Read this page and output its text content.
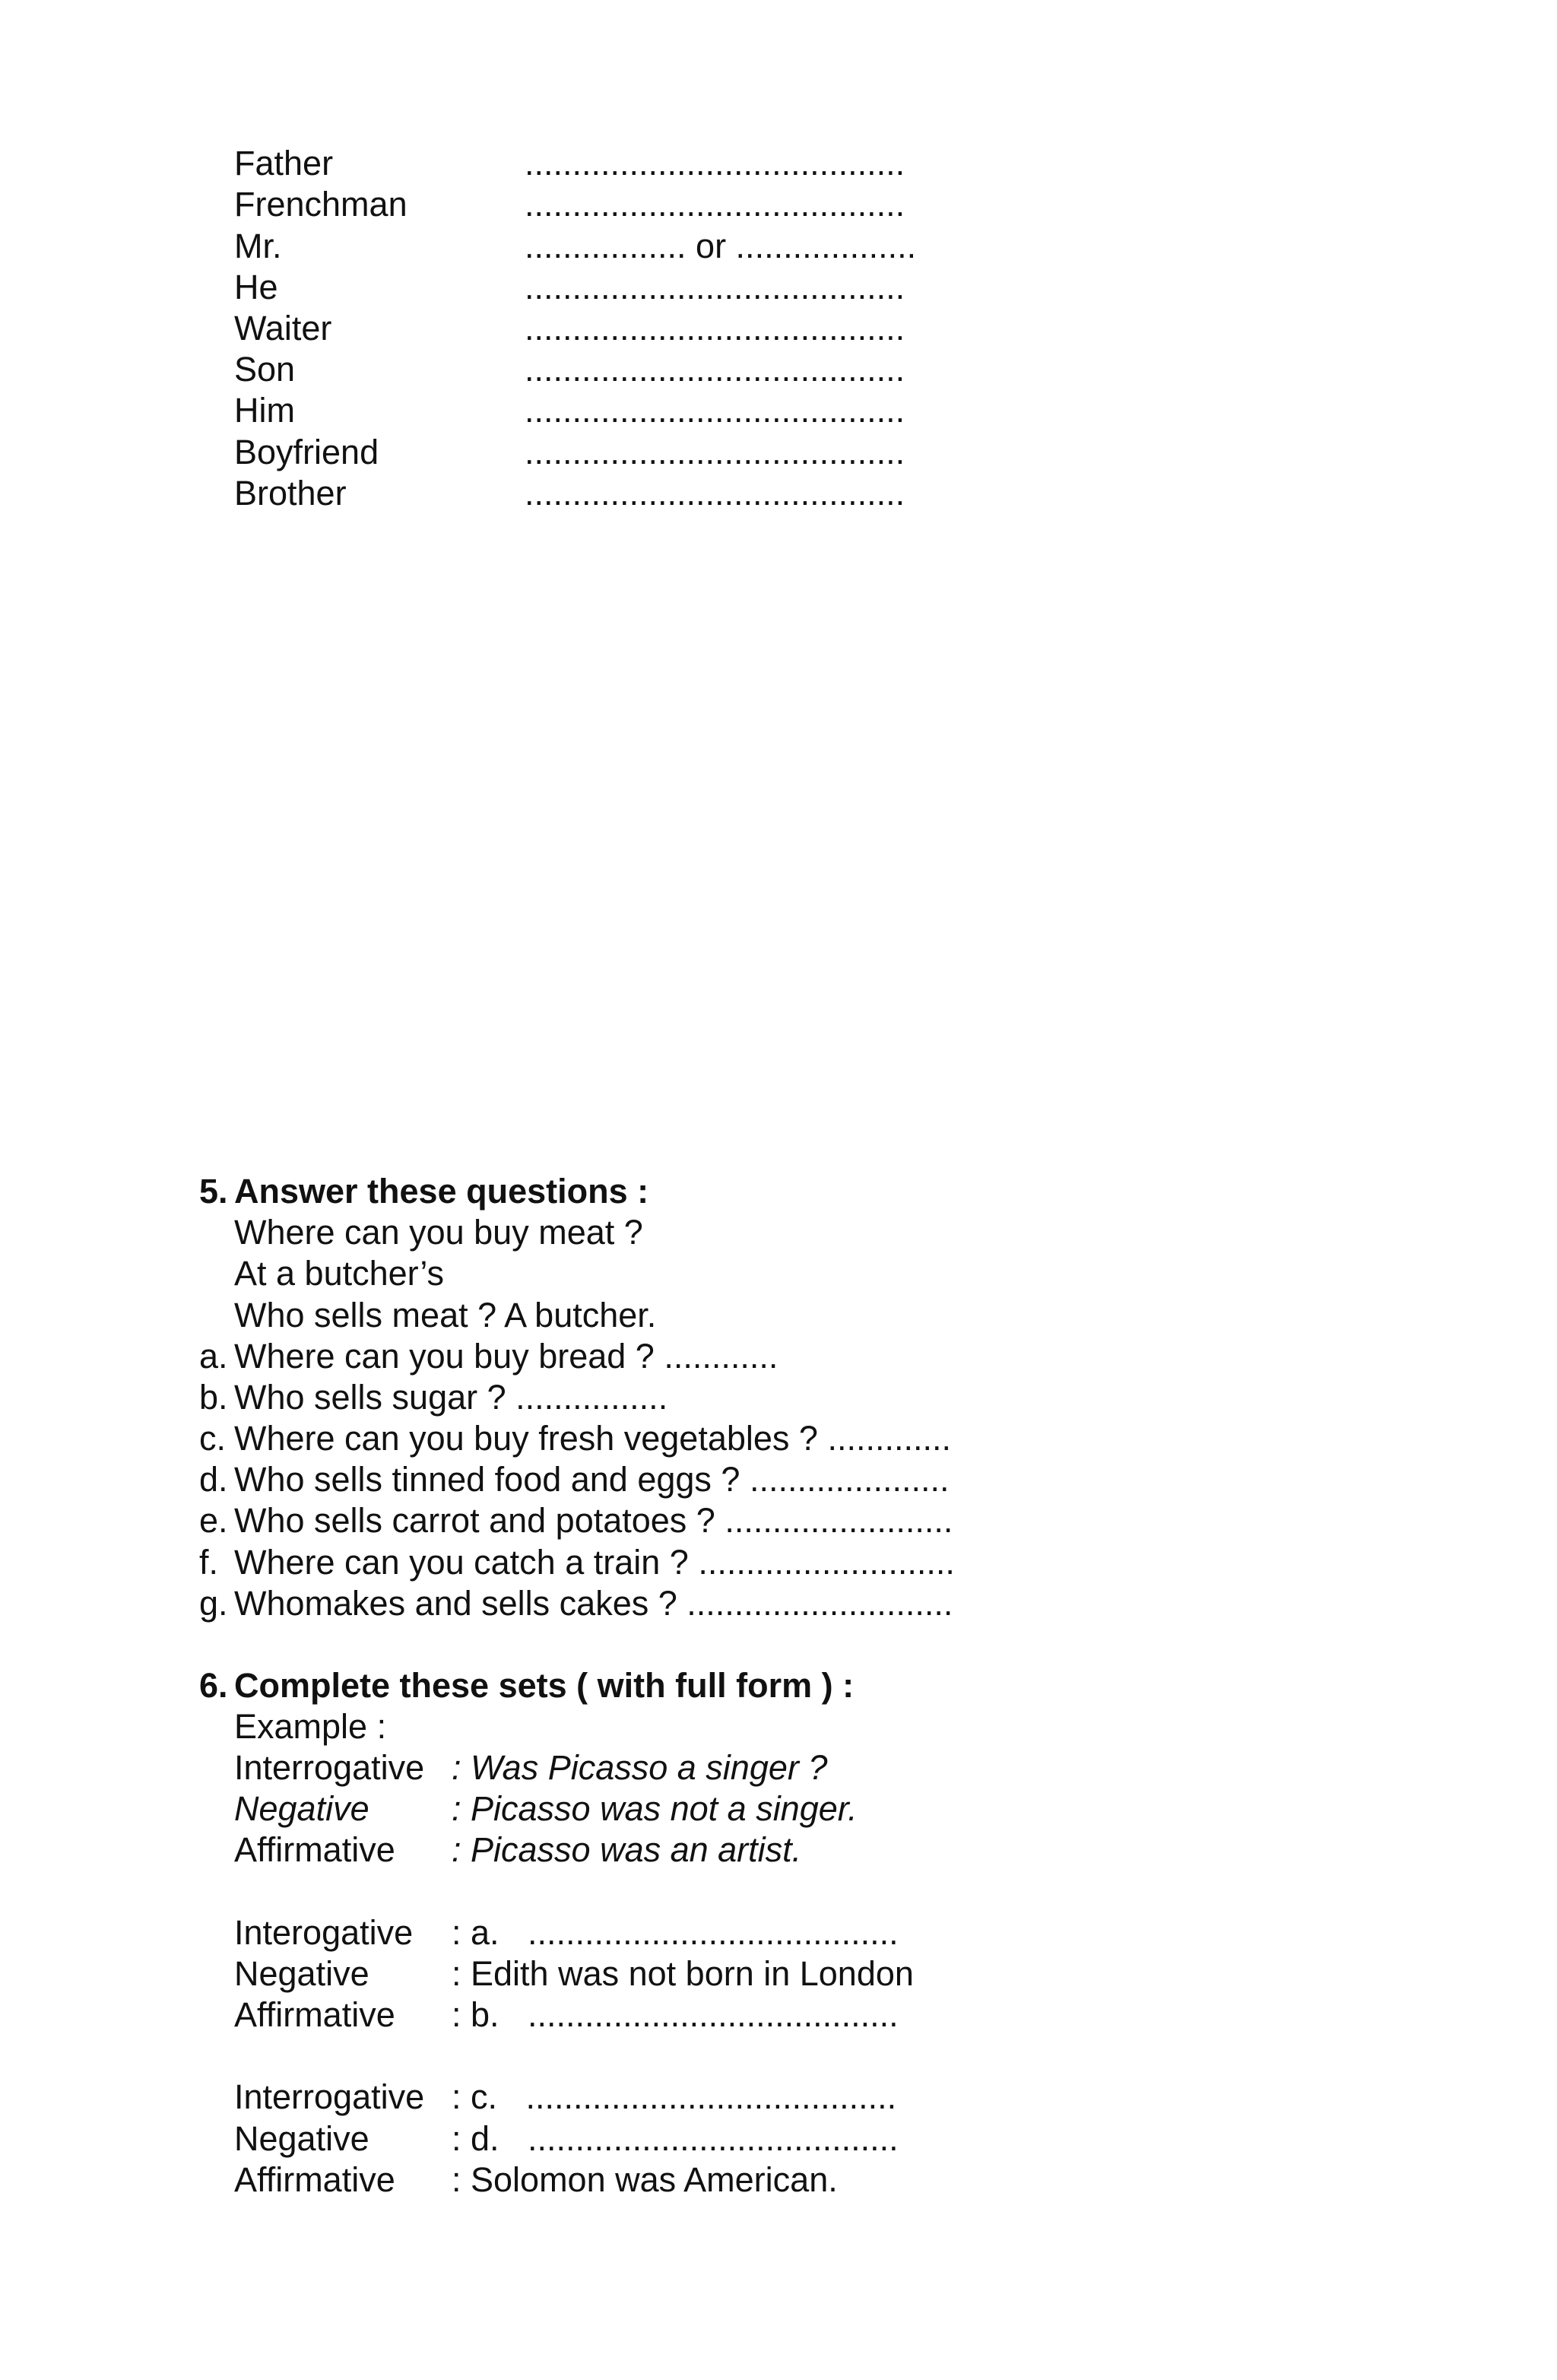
Father	........................................
Frenchman	........................................
Mr.	................. or ...................
He	........................................
Waiter	........................................
Son	........................................
Him	........................................
Boyfriend	........................................
Brother	........................................
5. Answer these questions :
Where can you buy meat ?
At a butcher’s
Who sells meat ? A butcher.
a. Where can you buy bread ? ............
b. Who sells sugar ? ................
c. Where can you buy fresh vegetables ? .............
d. Who sells tinned food and eggs ? .....................
e. Who sells carrot and potatoes ? ........................
f. Where can you catch a train ? ...........................
g. Whomakes and sells cakes ? ............................
6. Complete these sets ( with full form ) :
Example :
Interrogative : Was Picasso a singer ?
Negative : Picasso was not a singer.
Affirmative : Picasso was an artist.
Interogative : a.   .......................................
Negative : Edith was not born in London
Affirmative : b.   .......................................
Interrogative : c.   .......................................
Negative : d.   .......................................
Affirmative : Solomon was American.
